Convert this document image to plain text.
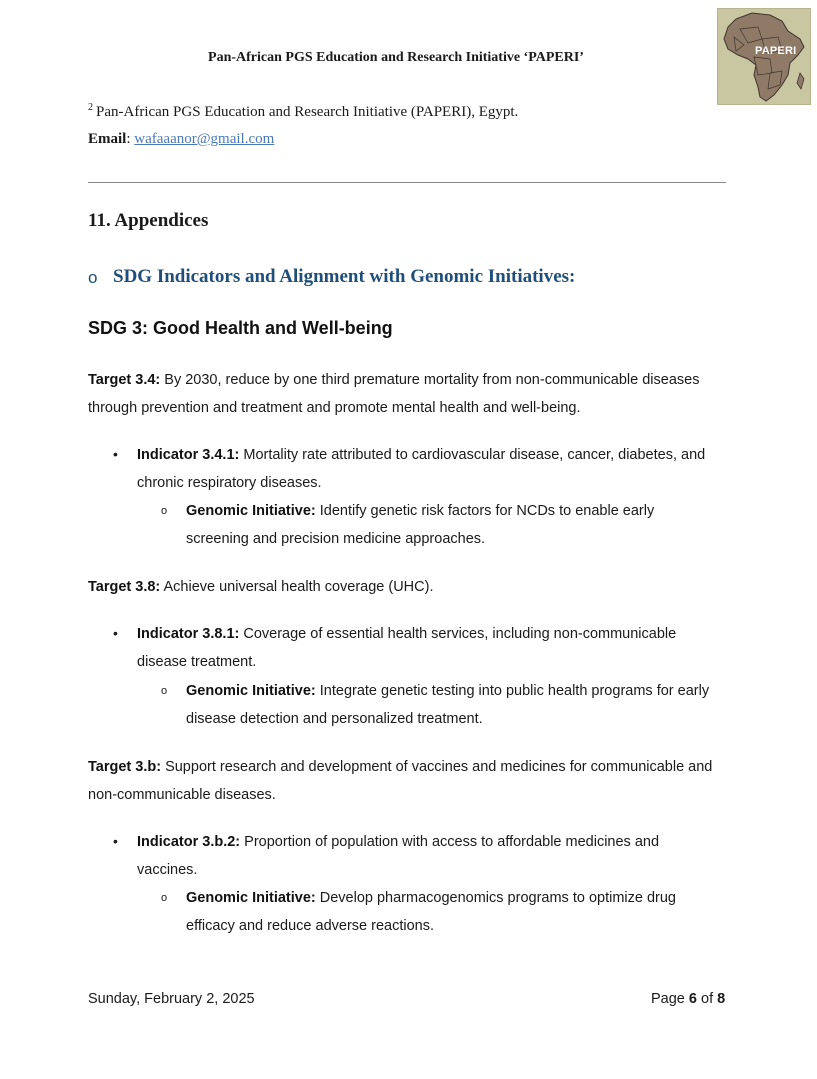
Pan-African PGS Education and Research Initiative ‘PAPERI’	PAPERI
$^2$ Pan-African PGS Education and Research Initiative (PAPERI), Egypt.
Email: wafaaanor@gmail.com
11. Appendices
o SDG Indicators and Alignment with Genomic Initiatives:
SDG 3: Good Health and Well-being
Target 3.4: By 2030, reduce by one third premature mortality from non-communicable diseases
through prevention and treatment and promote mental health and well-being.
• Indicator 3.4.1: Mortality rate attributed to cardiovascular disease, cancer, diabetes, and
chronic respiratory diseases.
o Genomic Initiative: Identify genetic risk factors for NCDs to enable early
screening and precision medicine approaches.
Target 3.8: Achieve universal health coverage (UHC).
• Indicator 3.8.1: Coverage of essential health services, including non-communicable
disease treatment.
o Genomic Initiative: Integrate genetic testing into public health programs for early
disease detection and personalized treatment.
Target 3.b: Support research and development of vaccines and medicines for communicable and
non-communicable diseases.
• Indicator 3.b.2: Proportion of population with access to affordable medicines and
vaccines.
o Genomic Initiative: Develop pharmacogenomics programs to optimize drug
efficacy and reduce adverse reactions.
Sunday, February 2, 2025	Page 6 of 8
